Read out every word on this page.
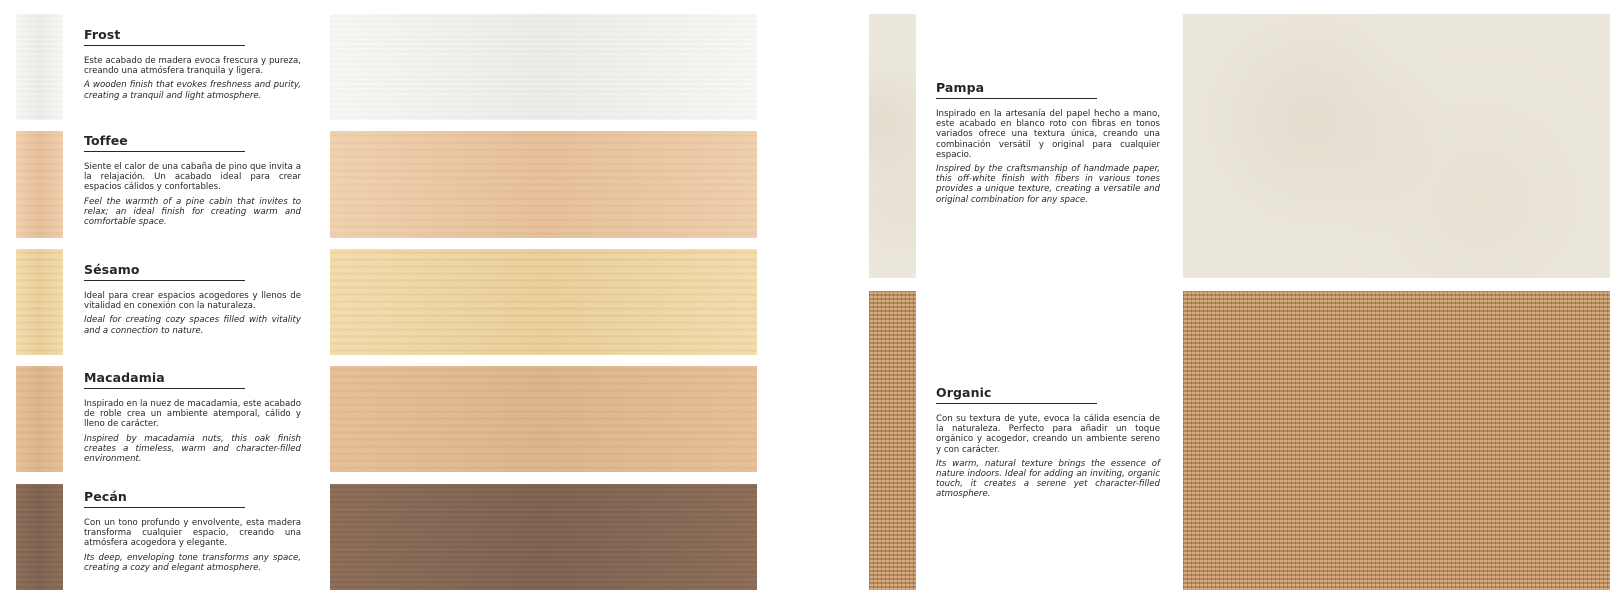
Frost

Este acabado de madera evoca frescura y pureza, creando una atmósfera tranquila y ligera.

A wooden finish that evokes freshness and purity, creating a tranquil and light atmosphere.

Toffee

Siente el calor de una cabaña de pino que invita a la relajación. Un acabado ideal para crear espacios cálidos y confortables.

Feel the warmth of a pine cabin that invites to relax; an ideal finish for creating warm and comfortable space.

Sésamo

Ideal para crear espacios acogedores y llenos de vitalidad en conexión con la naturaleza.

Ideal for creating cozy spaces filled with vitality and a connection to nature.

Macadamia

Inspirado en la nuez de macadamia, este acabado de roble crea un ambiente atemporal, cálido y lleno de carácter.

Inspired by macadamia nuts, this oak finish creates a timeless, warm and character-filled environment.

Pecán

Con un tono profundo y envolvente, esta madera transforma cualquier espacio, creando una atmósfera acogedora y elegante.

Its deep, enveloping tone transforms any space, creating a cozy and elegant atmosphere.

Pampa

Inspirado en la artesanía del papel hecho a mano, este acabado en blanco roto con fibras en tonos variados ofrece una textura única, creando una combinación versátil y original para cualquier espacio.

Inspired by the craftsmanship of handmade paper, this off-white finish with fibers in various tones provides a unique texture, creating a versatile and original combination for any space.

Organic

Con su textura de yute, evoca la cálida esencia de la naturaleza. Perfecto para añadir un toque orgánico y acogedor, creando un ambiente sereno y con carácter.

Its warm, natural texture brings the essence of nature indoors. Ideal for adding an inviting, organic touch, it creates a serene yet character-filled atmosphere.
